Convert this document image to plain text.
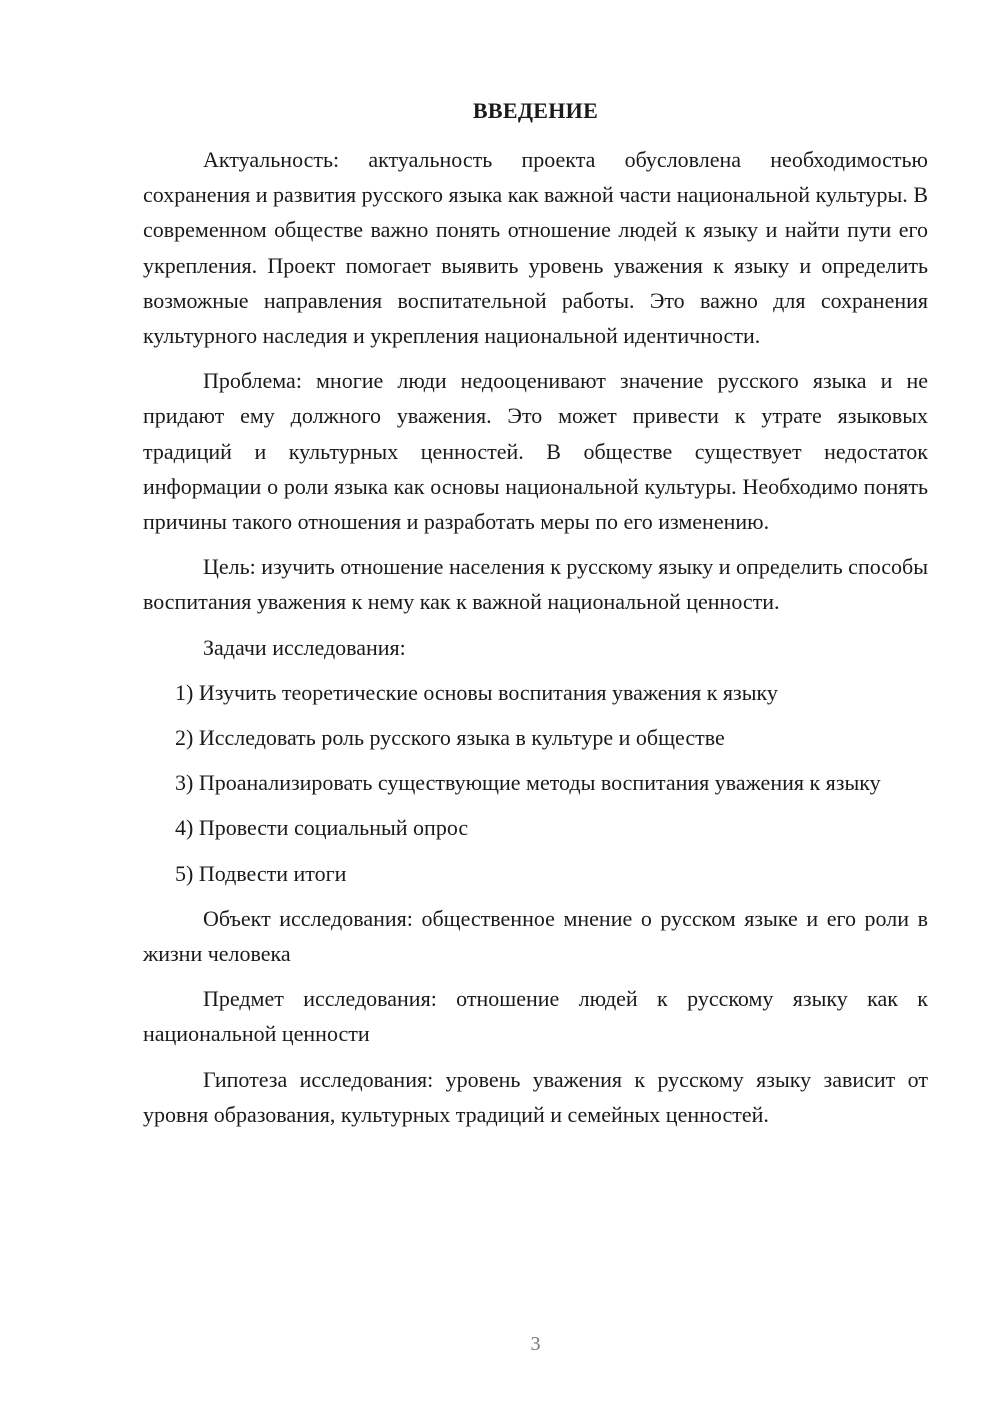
ВВЕДЕНИЕ

Актуальность: актуальность проекта обусловлена необходимостью сохранения и развития русского языка как важной части национальной культуры. В современном обществе важно понять отношение людей к языку и найти пути его укрепления. Проект помогает выявить уровень уважения к языку и определить возможные направления воспитательной работы. Это важно для сохранения культурного наследия и укрепления национальной идентичности.

Проблема: многие люди недооценивают значение русского языка и не придают ему должного уважения. Это может привести к утрате языковых традиций и культурных ценностей. В обществе существует недостаток информации о роли языка как основы национальной культуры. Необходимо понять причины такого отношения и разработать меры по его изменению.

Цель: изучить отношение населения к русскому языку и определить способы воспитания уважения к нему как к важной национальной ценности.

Задачи исследования:

1) Изучить теоретические основы воспитания уважения к языку

2) Исследовать роль русского языка в культуре и обществе

3) Проанализировать существующие методы воспитания уважения к языку

4) Провести социальный опрос

5) Подвести итоги

Объект исследования: общественное мнение о русском языке и его роли в жизни человека

Предмет исследования: отношение людей к русскому языку как к национальной ценности

Гипотеза исследования: уровень уважения к русскому языку зависит от уровня образования, культурных традиций и семейных ценностей.

3
